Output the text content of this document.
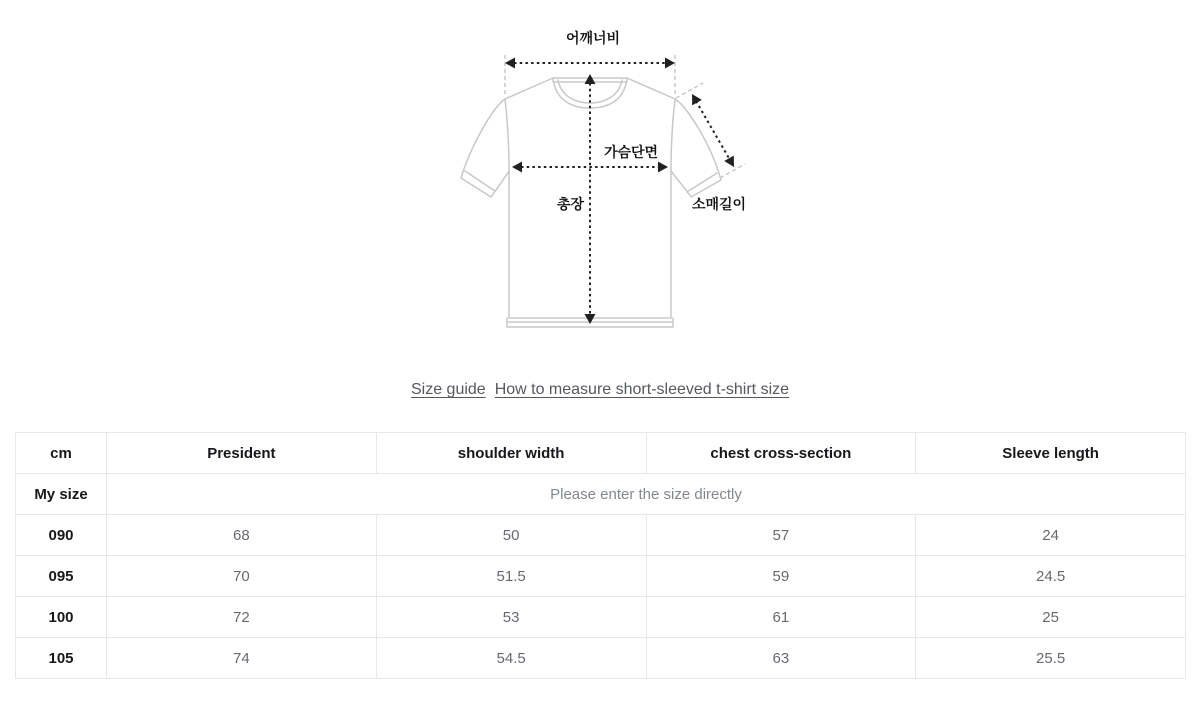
어깨너비
가슴단면
총장	소매길이
Size guide How to measure short-sleeved t-shirt size
cm	President	shoulder width	chest cross-section	Sleeve length
My size	Please enter the size directly			
090	68	50	57	24
095	70	51.5	59	24.5
100	72	53	61	25
105	74	54.5	63	25.5
